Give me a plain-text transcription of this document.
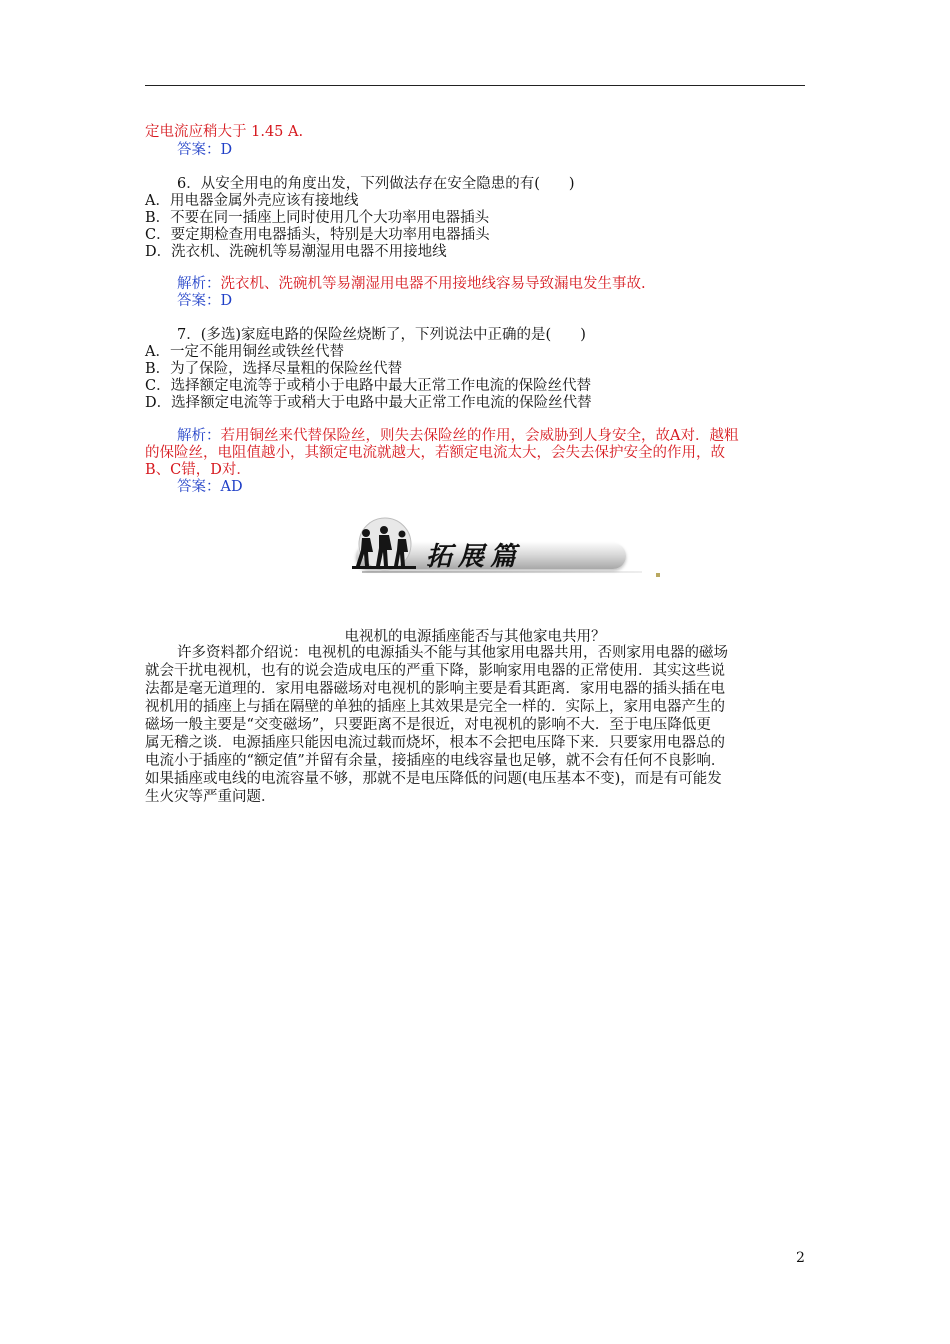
定电流应稍大于 1.45 A.
答案：D
6．从安全用电的角度出发，下列做法存在安全隐患的有(　　)
A．用电器金属外壳应该有接地线
B．不要在同一插座上同时使用几个大功率用电器插头
C．要定期检查用电器插头，特别是大功率用电器插头
D．洗衣机、洗碗机等易潮湿用电器不用接地线
解析：洗衣机、洗碗机等易潮湿用电器不用接地线容易导致漏电发生事故.
答案：D
7．(多选)家庭电路的保险丝烧断了，下列说法中正确的是(　　)
A．一定不能用铜丝或铁丝代替
B．为了保险，选择尽量粗的保险丝代替
C．选择额定电流等于或稍小于电路中最大正常工作电流的保险丝代替
D．选择额定电流等于或稍大于电路中最大正常工作电流的保险丝代替
解析：若用铜丝来代替保险丝，则失去保险丝的作用，会威胁到人身安全，故A对．越粗
的保险丝，电阻值越小，其额定电流就越大，若额定电流太大，会失去保护安全的作用，故
B、C错，D对．
答案：AD
拓展篇
电视机的电源插座能否与其他家电共用？
许多资料都介绍说：电视机的电源插头不能与其他家用电器共用，否则家用电器的磁场
就会干扰电视机，也有的说会造成电压的严重下降，影响家用电器的正常使用．其实这些说
法都是毫无道理的．家用电器磁场对电视机的影响主要是看其距离．家用电器的插头插在电
视机用的插座上与插在隔壁的单独的插座上其效果是完全一样的．实际上，家用电器产生的
磁场一般主要是“交变磁场”，只要距离不是很近，对电视机的影响不大．至于电压降低更
属无稽之谈．电源插座只能因电流过载而烧坏，根本不会把电压降下来．只要家用电器总的
电流小于插座的“额定值”并留有余量，接插座的电线容量也足够，就不会有任何不良影响．
如果插座或电线的电流容量不够，那就不是电压降低的问题(电压基本不变)，而是有可能发
生火灾等严重问题．
2
